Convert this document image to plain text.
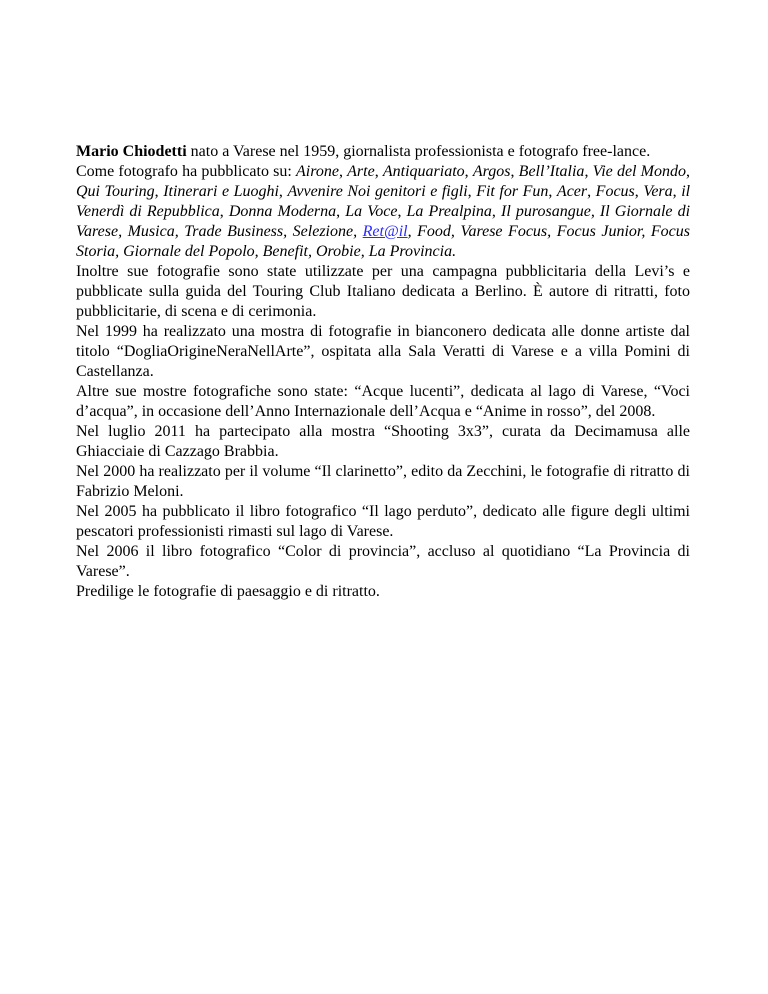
Mario Chiodetti nato a Varese nel 1959, giornalista professionista e fotografo free-lance.

Come fotografo ha pubblicato su: Airone, Arte, Antiquariato, Argos, Bell’Italia, Vie del Mondo, Qui Touring, Itinerari e Luoghi, Avvenire Noi genitori e figli, Fit for Fun, Acer, Focus, Vera, il Venerdì di Repubblica, Donna Moderna, La Voce, La Prealpina, Il purosangue, Il Giornale di Varese, Musica, Trade Business, Selezione, Ret@il, Food, Varese Focus, Focus Junior, Focus Storia, Giornale del Popolo, Benefit, Orobie, La Provincia.

Inoltre sue fotografie sono state utilizzate per una campagna pubblicitaria della Levi’s e pubblicate sulla guida del Touring Club Italiano dedicata a Berlino. È autore di ritratti, foto pubblicitarie, di scena e di cerimonia.

Nel 1999 ha realizzato una mostra di fotografie in bianconero dedicata alle donne artiste dal titolo “DogliaOrigineNeraNellArte”, ospitata alla Sala Veratti di Varese e a villa Pomini di Castellanza.

Altre sue mostre fotografiche sono state: “Acque lucenti”, dedicata al lago di Varese, “Voci d’acqua”, in occasione dell’Anno Internazionale dell’Acqua e “Anime in rosso”, del 2008.

Nel luglio 2011 ha partecipato alla mostra “Shooting 3x3”, curata da Decimamusa alle Ghiacciaie di Cazzago Brabbia.

Nel 2000 ha realizzato per il volume “Il clarinetto”, edito da Zecchini, le fotografie di ritratto di Fabrizio Meloni.

Nel 2005 ha pubblicato il libro fotografico “Il lago perduto”, dedicato alle figure degli ultimi pescatori professionisti rimasti sul lago di Varese.

Nel 2006 il libro fotografico “Color di provincia”, accluso al quotidiano “La Provincia di Varese”.

Predilige le fotografie di paesaggio e di ritratto.
